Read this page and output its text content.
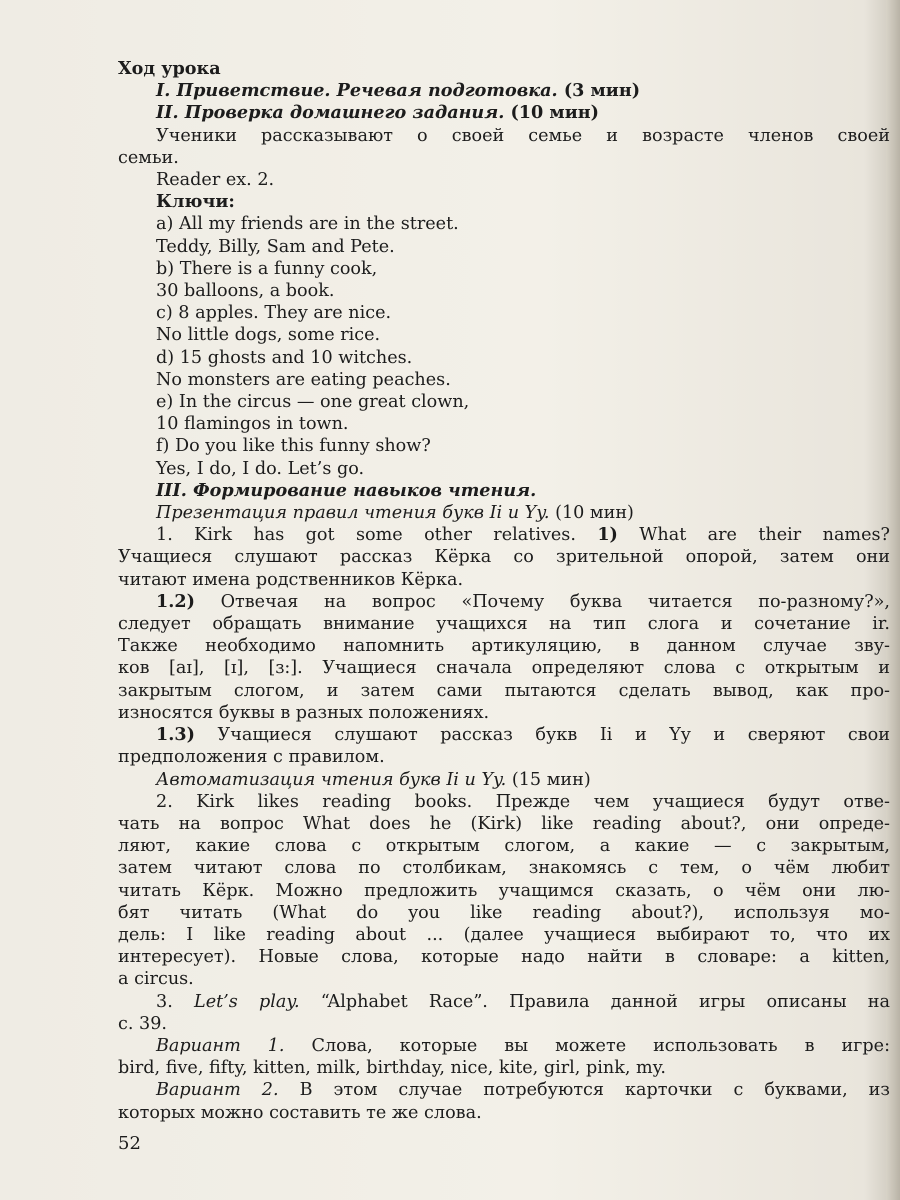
Ход урока
I. Приветствие. Речевая подготовка. (3 мин)
II. Проверка домашнего задания. (10 мин)
Ученики рассказывают о своей семье и возрасте членов своей
семьи.
Reader ex. 2.
Ключи:
a) All my friends are in the street.
Teddy, Billy, Sam and Pete.
b) There is a funny cook,
30 balloons, a book.
c) 8 apples. They are nice.
No little dogs, some rice.
d) 15 ghosts and 10 witches.
No monsters are eating peaches.
e) In the circus — one great clown,
10 flamingos in town.
f) Do you like this funny show?
Yes, I do, I do. Let’s go.
III. Формирование навыков чтения.
Презентация правил чтения букв Ii и Yy. (10 мин)
1. Kirk has got some other relatives. 1) What are their names?
Учащиеся слушают рассказ Кёрка со зрительной опорой, затем они
читают имена родственников Кёрка.
1.2) Отвечая на вопрос «Почему буква читается по-разному?»,
следует обращать внимание учащихся на тип слога и сочетание ir.
Также необходимо напомнить артикуляцию, в данном случае зву-
ков [aɪ], [ɪ], [ɜ:]. Учащиеся сначала определяют слова с открытым и
закрытым слогом, и затем сами пытаются сделать вывод, как про-
износятся буквы в разных положениях.
1.3) Учащиеся слушают рассказ букв Ii и Yy и сверяют свои
предположения с правилом.
Автоматизация чтения букв Ii и Yy. (15 мин)
2. Kirk likes reading books. Прежде чем учащиеся будут отве-
чать на вопрос What does he (Kirk) like reading about?, они опреде-
ляют, какие слова с открытым слогом, а какие — с закрытым,
затем читают слова по столбикам, знакомясь с тем, о чём любит
читать Кёрк. Можно предложить учащимся сказать, о чём они лю-
бят читать (What do you like reading about?), используя мо-
дель: I like reading about ... (далее учащиеся выбирают то, что их
интересует). Новые слова, которые надо найти в словаре: a kitten,
a circus.
3. Let’s play. “Alphabet Race”. Правила данной игры описаны на
с. 39.
Вариант 1. Слова, которые вы можете использовать в игре:
bird, five, fifty, kitten, milk, birthday, nice, kite, girl, pink, my.
Вариант 2. В этом случае потребуются карточки с буквами, из
которых можно составить те же слова.
52
